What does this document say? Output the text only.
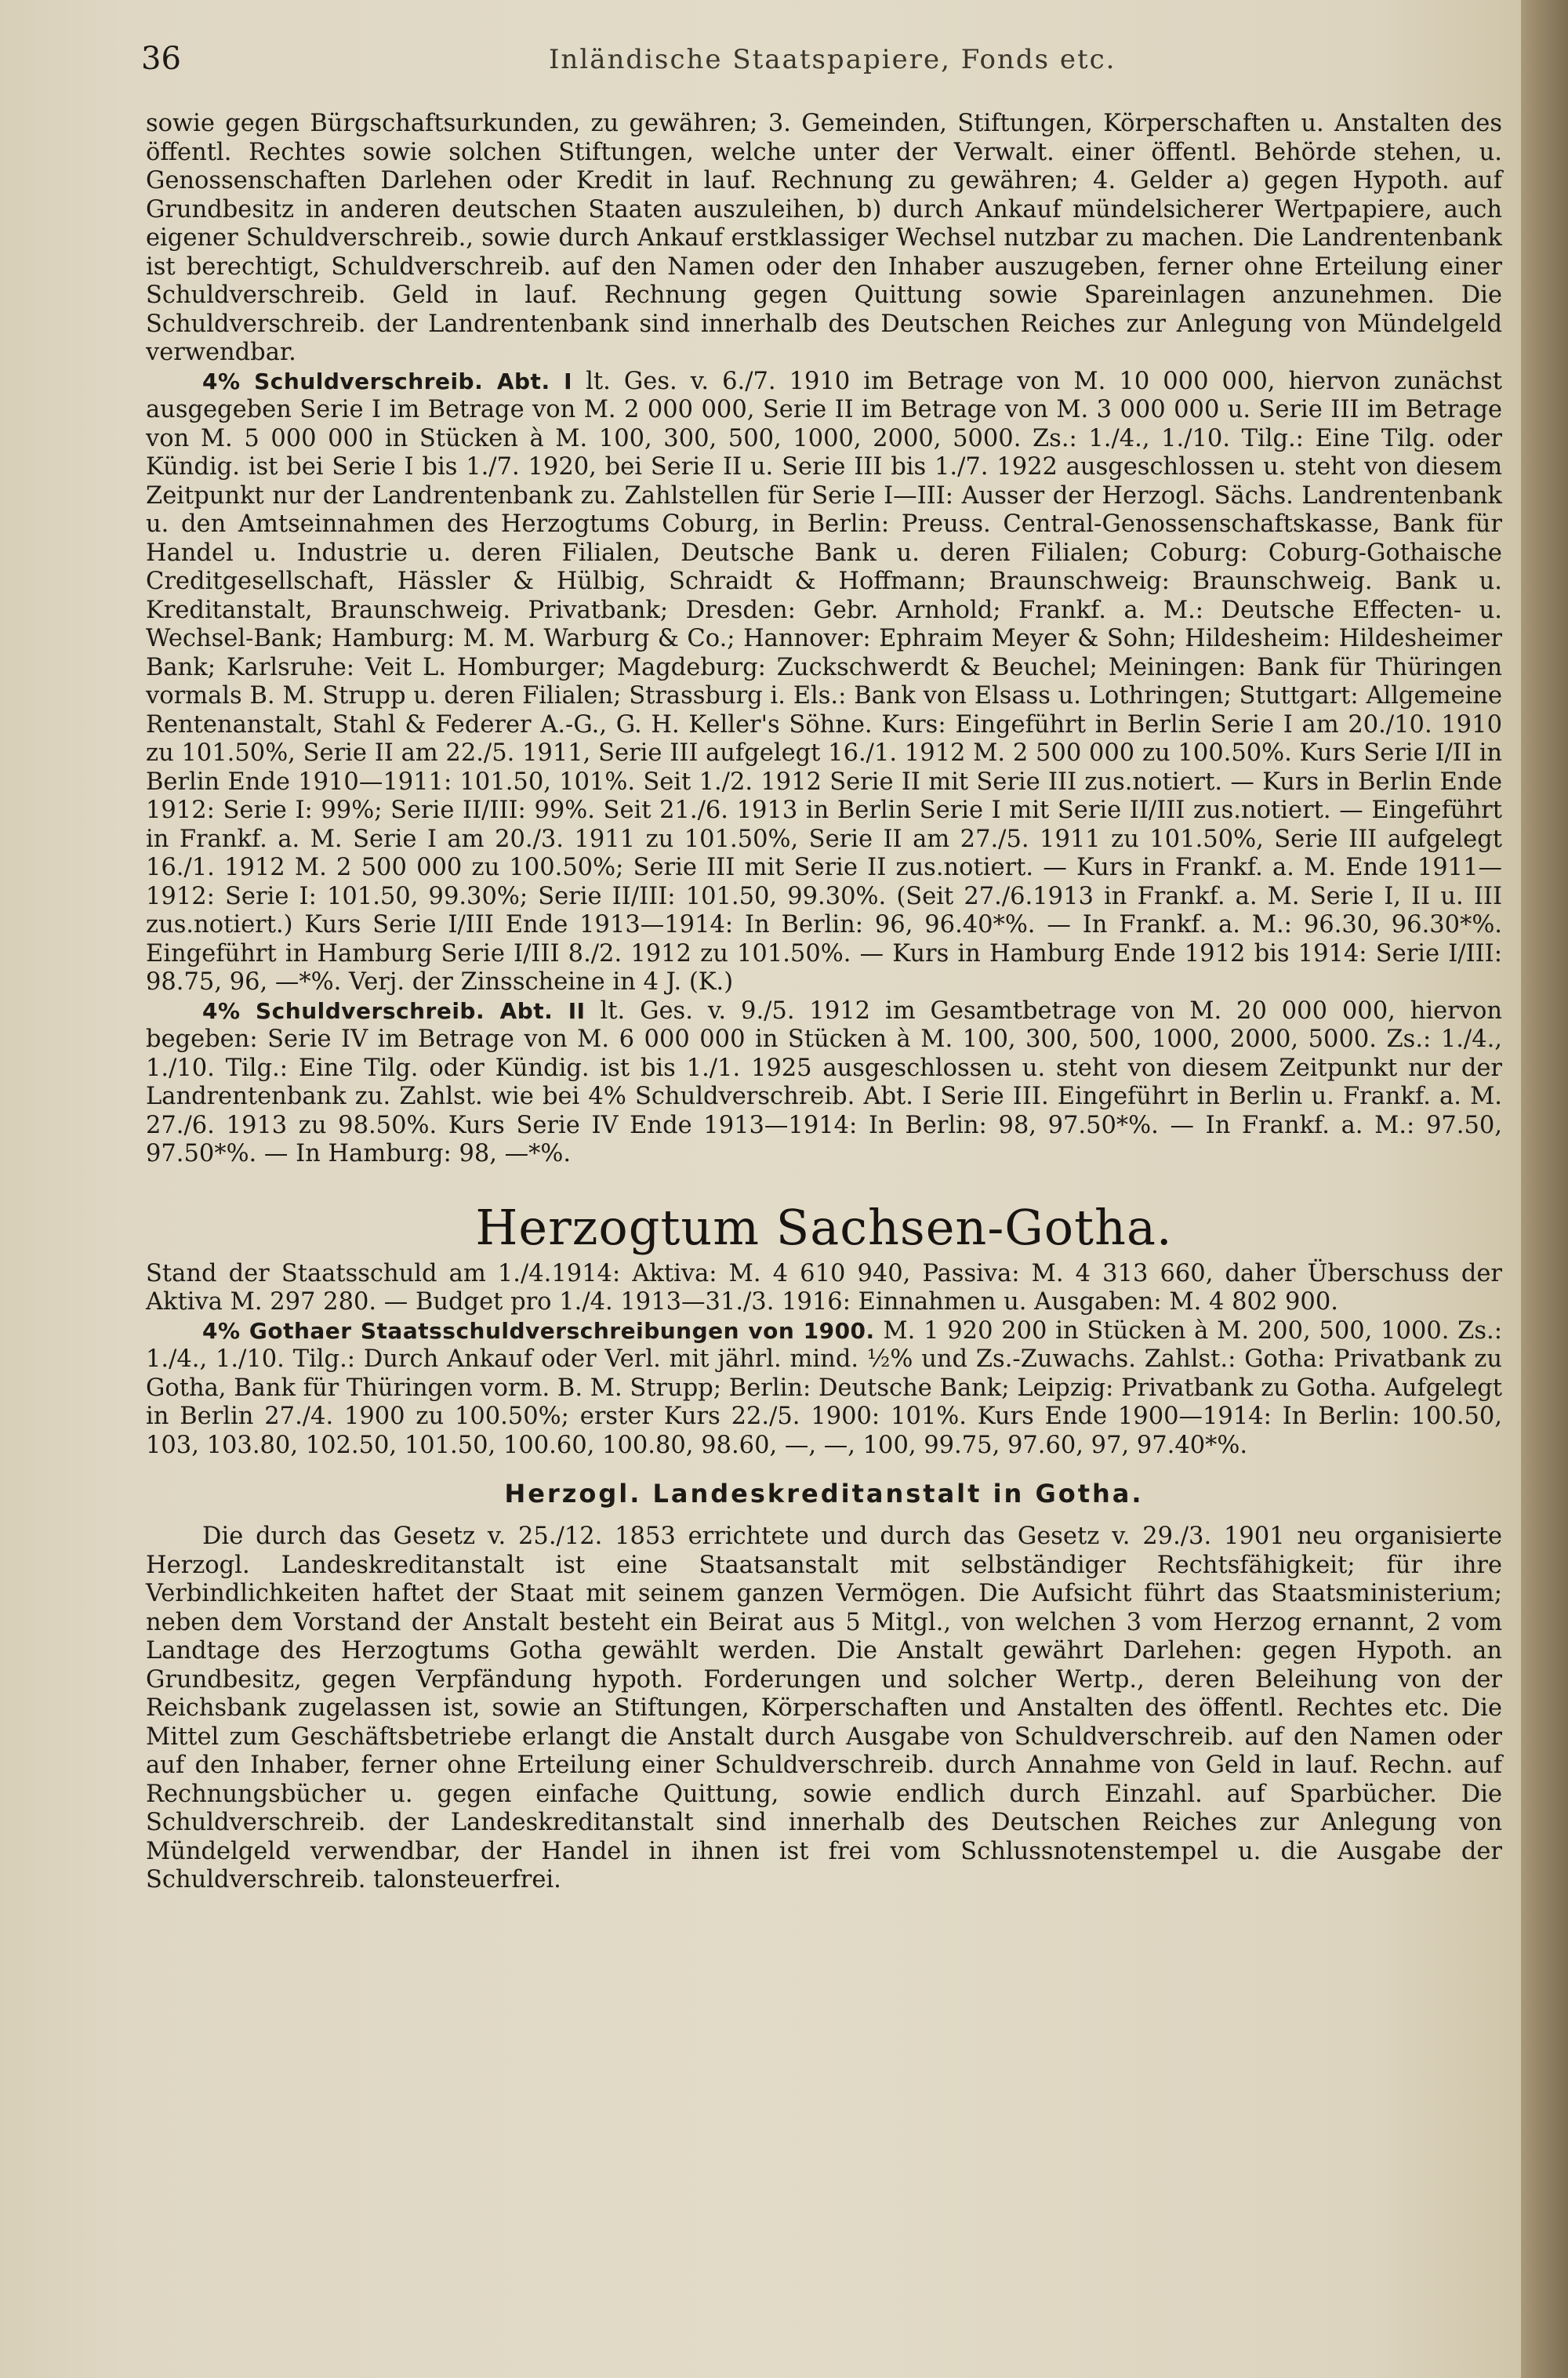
36	Inländische Staatspapiere, Fonds etc.

sowie gegen Bürgschaftsurkunden, zu gewähren; 3. Gemeinden, Stiftungen, Körperschaften u. Anstalten des öffentl. Rechtes sowie solchen Stiftungen, welche unter der Verwalt. einer öffentl. Behörde stehen, u. Genossenschaften Darlehen oder Kredit in lauf. Rechnung zu gewähren; 4. Gelder a) gegen Hypoth. auf Grundbesitz in anderen deutschen Staaten auszuleihen, b) durch Ankauf mündelsicherer Wertpapiere, auch eigener Schuldverschreib., sowie durch Ankauf erstklassiger Wechsel nutzbar zu machen. Die Landrentenbank ist berechtigt, Schuldverschreib. auf den Namen oder den Inhaber auszugeben, ferner ohne Erteilung einer Schuldverschreib. Geld in lauf. Rechnung gegen Quittung sowie Spareinlagen anzunehmen. Die Schuldverschreib. der Landrentenbank sind innerhalb des Deutschen Reiches zur Anlegung von Mündelgeld verwendbar.

4% Schuldverschreib. Abt. I lt. Ges. v. 6./7. 1910 im Betrage von M. 10 000 000, hiervon zunächst ausgegeben Serie I im Betrage von M. 2 000 000, Serie II im Betrage von M. 3 000 000 u. Serie III im Betrage von M. 5 000 000 in Stücken à M. 100, 300, 500, 1000, 2000, 5000. Zs.: 1./4., 1./10. Tilg.: Eine Tilg. oder Kündig. ist bei Serie I bis 1./7. 1920, bei Serie II u. Serie III bis 1./7. 1922 ausgeschlossen u. steht von diesem Zeitpunkt nur der Landrentenbank zu. Zahlstellen für Serie I—III: Ausser der Herzogl. Sächs. Landrentenbank u. den Amtseinnahmen des Herzogtums Coburg, in Berlin: Preuss. Central-Genossenschaftskasse, Bank für Handel u. Industrie u. deren Filialen, Deutsche Bank u. deren Filialen; Coburg: Coburg-Gothaische Creditgesellschaft, Hässler & Hülbig, Schraidt & Hoffmann; Braunschweig: Braunschweig. Bank u. Kreditanstalt, Braunschweig. Privatbank; Dresden: Gebr. Arnhold; Frankf. a. M.: Deutsche Effecten- u. Wechsel-Bank; Hamburg: M. M. Warburg & Co.; Hannover: Ephraim Meyer & Sohn; Hildesheim: Hildesheimer Bank; Karlsruhe: Veit L. Homburger; Magdeburg: Zuckschwerdt & Beuchel; Meiningen: Bank für Thüringen vormals B. M. Strupp u. deren Filialen; Strassburg i. Els.: Bank von Elsass u. Lothringen; Stuttgart: Allgemeine Rentenanstalt, Stahl & Federer A.-G., G. H. Keller's Söhne. Kurs: Eingeführt in Berlin Serie I am 20./10. 1910 zu 101.50%, Serie II am 22./5. 1911, Serie III aufgelegt 16./1. 1912 M. 2 500 000 zu 100.50%. Kurs Serie I/II in Berlin Ende 1910—1911: 101.50, 101%. Seit 1./2. 1912 Serie II mit Serie III zus.notiert. — Kurs in Berlin Ende 1912: Serie I: 99%; Serie II/III: 99%. Seit 21./6. 1913 in Berlin Serie I mit Serie II/III zus.notiert. — Eingeführt in Frankf. a. M. Serie I am 20./3. 1911 zu 101.50%, Serie II am 27./5. 1911 zu 101.50%, Serie III aufgelegt 16./1. 1912 M. 2 500 000 zu 100.50%; Serie III mit Serie II zus.notiert. — Kurs in Frankf. a. M. Ende 1911—1912: Serie I: 101.50, 99.30%; Serie II/III: 101.50, 99.30%. (Seit 27./6.1913 in Frankf. a. M. Serie I, II u. III zus.notiert.) Kurs Serie I/III Ende 1913—1914: In Berlin: 96, 96.40*%. — In Frankf. a. M.: 96.30, 96.30*%. Eingeführt in Hamburg Serie I/III 8./2. 1912 zu 101.50%. — Kurs in Hamburg Ende 1912 bis 1914: Serie I/III: 98.75, 96, —*%. Verj. der Zinsscheine in 4 J. (K.)

4% Schuldverschreib. Abt. II lt. Ges. v. 9./5. 1912 im Gesamtbetrage von M. 20 000 000, hiervon begeben: Serie IV im Betrage von M. 6 000 000 in Stücken à M. 100, 300, 500, 1000, 2000, 5000. Zs.: 1./4., 1./10. Tilg.: Eine Tilg. oder Kündig. ist bis 1./1. 1925 ausgeschlossen u. steht von diesem Zeitpunkt nur der Landrentenbank zu. Zahlst. wie bei 4% Schuldverschreib. Abt. I Serie III. Eingeführt in Berlin u. Frankf. a. M. 27./6. 1913 zu 98.50%. Kurs Serie IV Ende 1913—1914: In Berlin: 98, 97.50*%. — In Frankf. a. M.: 97.50, 97.50*%. — In Hamburg: 98, —*%.

Herzogtum Sachsen-Gotha.

Stand der Staatsschuld am 1./4.1914: Aktiva: M. 4 610 940, Passiva: M. 4 313 660, daher Überschuss der Aktiva M. 297 280. — Budget pro 1./4. 1913—31./3. 1916: Einnahmen u. Ausgaben: M. 4 802 900.

4% Gothaer Staatsschuldverschreibungen von 1900. M. 1 920 200 in Stücken à M. 200, 500, 1000. Zs.: 1./4., 1./10. Tilg.: Durch Ankauf oder Verl. mit jährl. mind. ½% und Zs.-Zuwachs. Zahlst.: Gotha: Privatbank zu Gotha, Bank für Thüringen vorm. B. M. Strupp; Berlin: Deutsche Bank; Leipzig: Privatbank zu Gotha. Aufgelegt in Berlin 27./4. 1900 zu 100.50%; erster Kurs 22./5. 1900: 101%. Kurs Ende 1900—1914: In Berlin: 100.50, 103, 103.80, 102.50, 101.50, 100.60, 100.80, 98.60, —, —, 100, 99.75, 97.60, 97, 97.40*%.

Herzogl. Landeskreditanstalt in Gotha.

Die durch das Gesetz v. 25./12. 1853 errichtete und durch das Gesetz v. 29./3. 1901 neu organisierte Herzogl. Landeskreditanstalt ist eine Staatsanstalt mit selbständiger Rechtsfähigkeit; für ihre Verbindlichkeiten haftet der Staat mit seinem ganzen Vermögen. Die Aufsicht führt das Staatsministerium; neben dem Vorstand der Anstalt besteht ein Beirat aus 5 Mitgl., von welchen 3 vom Herzog ernannt, 2 vom Landtage des Herzogtums Gotha gewählt werden. Die Anstalt gewährt Darlehen: gegen Hypoth. an Grundbesitz, gegen Verpfändung hypoth. Forderungen und solcher Wertp., deren Beleihung von der Reichsbank zugelassen ist, sowie an Stiftungen, Körperschaften und Anstalten des öffentl. Rechtes etc. Die Mittel zum Geschäftsbetriebe erlangt die Anstalt durch Ausgabe von Schuldverschreib. auf den Namen oder auf den Inhaber, ferner ohne Erteilung einer Schuldverschreib. durch Annahme von Geld in lauf. Rechn. auf Rechnungsbücher u. gegen einfache Quittung, sowie endlich durch Einzahl. auf Sparbücher. Die Schuldverschreib. der Landeskreditanstalt sind innerhalb des Deutschen Reiches zur Anlegung von Mündelgeld verwendbar, der Handel in ihnen ist frei vom Schlussnotenstempel u. die Ausgabe der Schuldverschreib. talonsteuerfrei.
